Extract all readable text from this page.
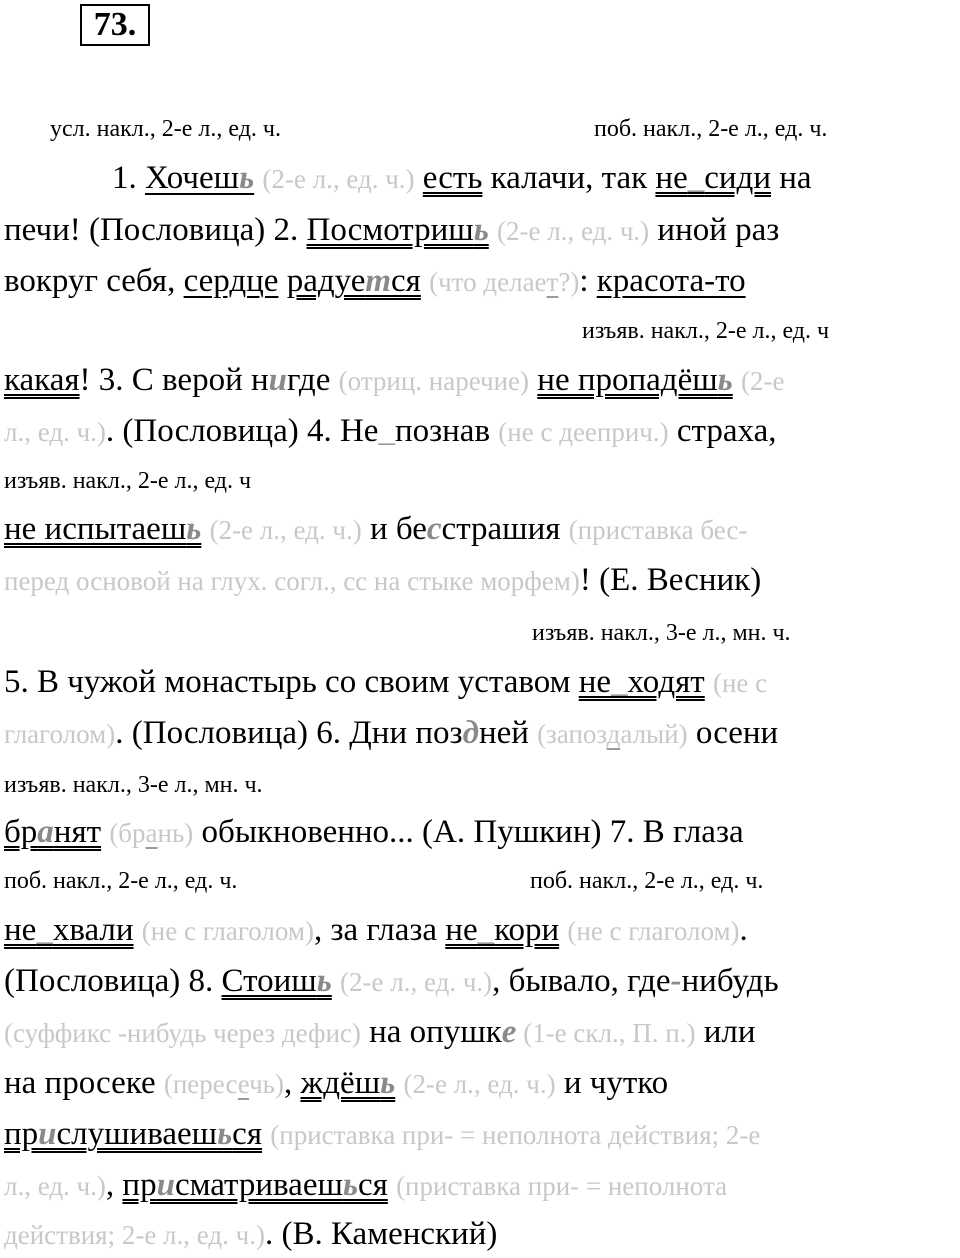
73.
усл. накл., 2-е л., ед. ч.	поб. накл., 2-е л., ед. ч.
1. Хочешь (2-е л., ед. ч.) есть калачи, так не_сиди на
печи! (Пословица) 2. Посмотришь (2-е л., ед. ч.) иной раз
вокруг себя, сердце радуется (что делает?): красота-то
изъяв. накл., 2-е л., ед. ч
какая! 3. С верой нигде (отриц. наречие) не пропадёшь (2-е
л., ед. ч.). (Пословица) 4. Не_познав (не с дееприч.) страха,
изъяв. накл., 2-е л., ед. ч
не испытаешь (2-е л., ед. ч.) и бесстрашия (приставка бес-
перед основой на глух. согл., сс на стыке морфем)! (Е. Весник)
изъяв. накл., 3-е л., мн. ч.
5. В чужой монастырь со своим уставом не_ходят (не с
глаголом). (Пословица) 6. Дни поздней (запоздалый) осени
изъяв. накл., 3-е л., мн. ч.
бранят (брань) обыкновенно... (А. Пушкин) 7. В глаза
поб. накл., 2-е л., ед. ч.	поб. накл., 2-е л., ед. ч.
не_хвали (не с глаголом), за глаза не_кори (не с глаголом).
(Пословица) 8. Стоишь (2-е л., ед. ч.), бывало, где-нибудь
(суффикс -нибудь через дефис) на опушке (1-е скл., П. п.) или
на просеке (пересечь), ждёшь (2-е л., ед. ч.) и чутко
прислушиваешься (приставка при- = неполнота действия; 2-е
л., ед. ч.), присматриваешься (приставка при- = неполнота
действия; 2-е л., ед. ч.). (В. Каменский)
